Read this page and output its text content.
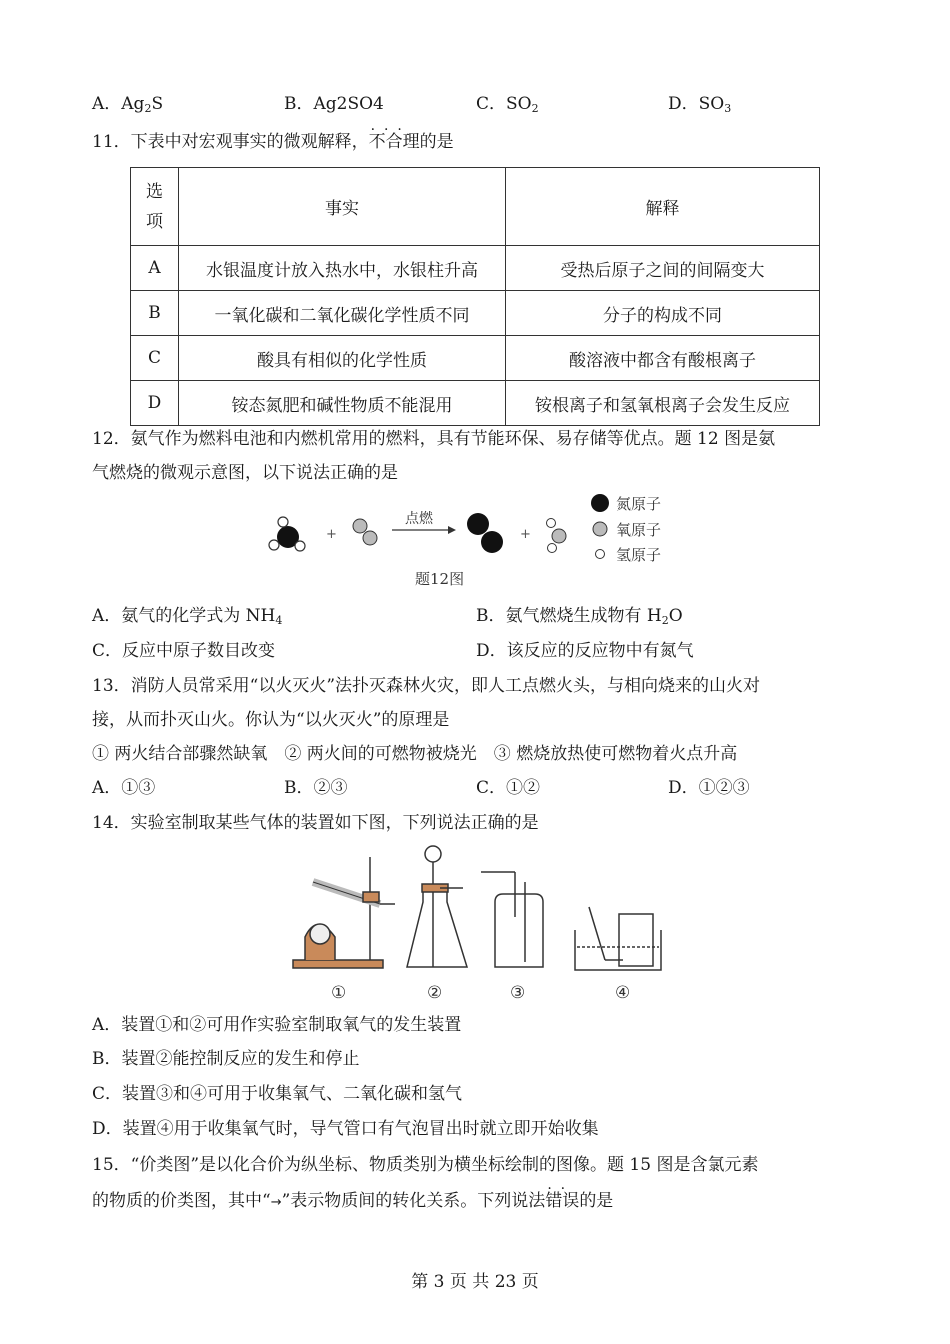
A．$Ag_2S$	B．Ag2SO4	C．$SO_2$	D．$SO_3$
11．下表中对宏观事实的微观解释，· · · 不合理的是
选项	事实	解释
A	水银温度计放入热水中，水银柱升高	受热后原子之间的间隔变大
B	一氧化碳和二氧化碳化学性质不同	分子的构成不同
C	酸具有相似的化学性质	酸溶液中都含有酸根离子
D	铵态氮肥和碱性物质不能混用	铵根离子和氢氧根离子会发生反应
12．氨气作为燃料电池和内燃机常用的燃料，具有节能环保、易存储等优点。题 12 图是氨
气燃烧的微观示意图，以下说法正确的是
+
点燃
+
氮原子
氧原子
氢原子
题12图
A．氨气的化学式为 $NH_4$	B．氨气燃烧生成物有 $H_2O$
C．反应中原子数目改变	D．该反应的反应物中有氮气
13．消防人员常采用“以火灭火”法扑灭森林火灾，即人工点燃火头，与相向烧来的山火对
接，从而扑灭山火。你认为“以火灭火”的原理是
① 两火结合部骤然缺氧　② 两火间的可燃物被烧光　③ 燃烧放热使可燃物着火点升高
A．①③	B．②③	C．①②	D．①②③
14．实验室制取某些气体的装置如下图，下列说法正确的是
①	②	③	④
A．装置①和②可用作实验室制取氧气的发生装置
B．装置②能控制反应的发生和停止
C．装置③和④可用于收集氧气、二氧化碳和氢气
D．装置④用于收集氧气时，导气管口有气泡冒出时就立即开始收集
15．“价类图”是以化合价为纵坐标、物质类别为横坐标绘制的图像。题 15 图是含氯元素
的物质的价类图，其中“→”表示物质间的转化关系。下列说法· · 错误的是
第 3 页 共 23 页
